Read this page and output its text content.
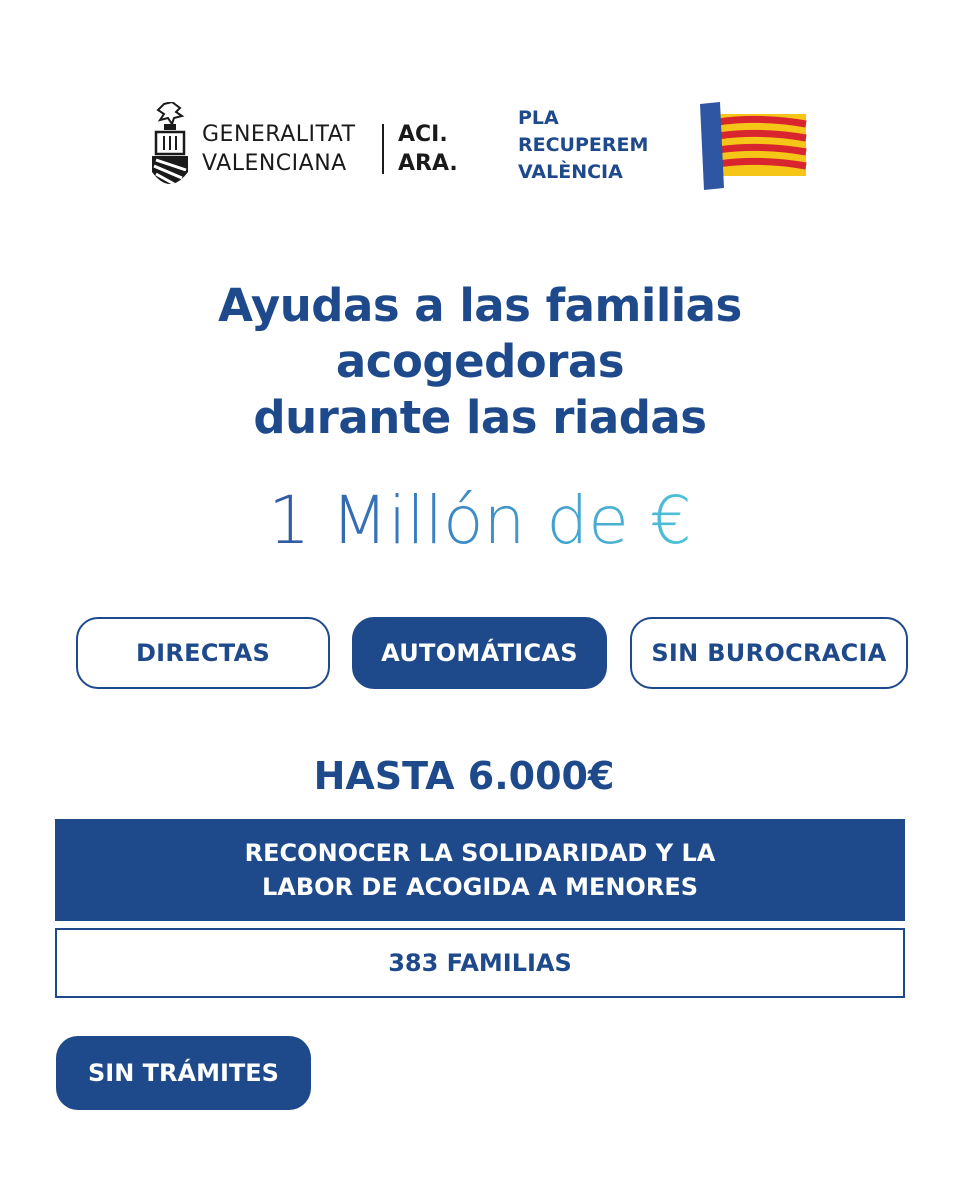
GENERALITAT
VALENCIANA
ACI.
ARA.
PLA
RECUPEREM
VALÈNCIA
Ayudas a las familias
acogedoras
durante las riadas
1 Millón de €
DIRECTAS	AUTOMÁTICAS	SIN BUROCRACIA
HASTA 6.000€
RECONOCER LA SOLIDARIDAD Y LA
LABOR DE ACOGIDA A MENORES
383 FAMILIAS
SIN TRÁMITES
